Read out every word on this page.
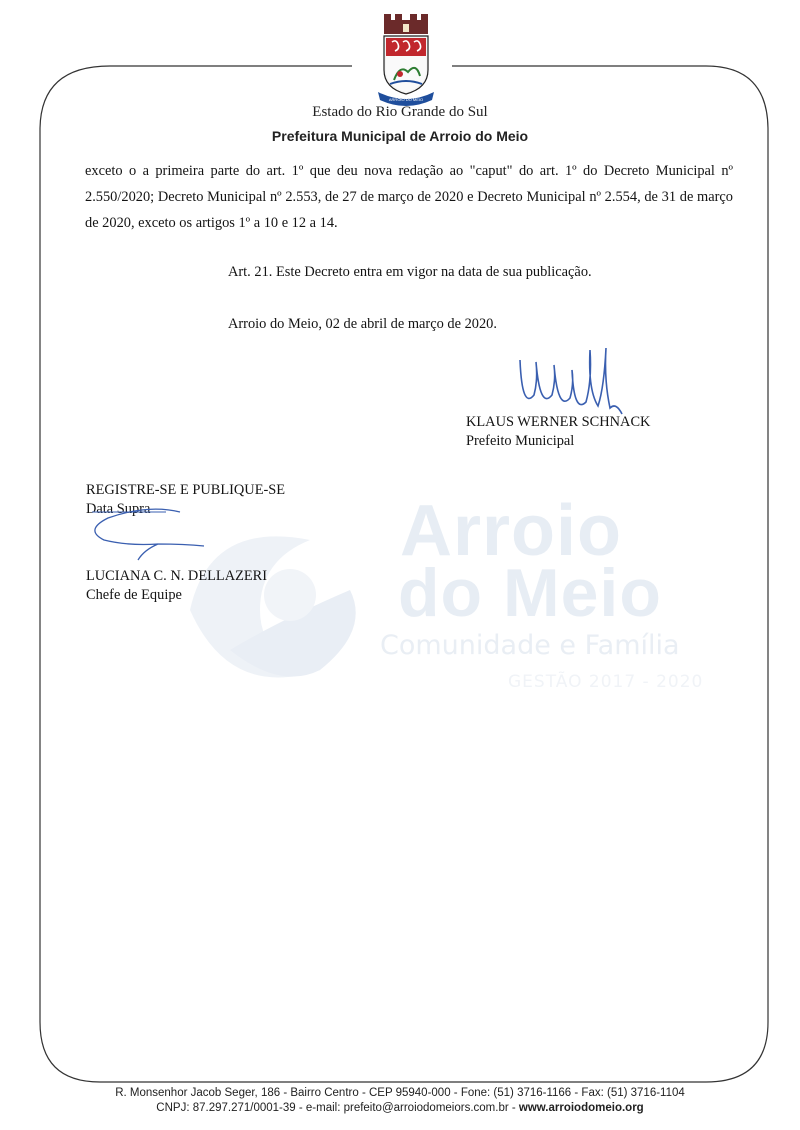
ARROIO DO MEIO
Estado do Rio Grande do Sul
Prefeitura Municipal de Arroio do Meio
Arroio
do Meio
Comunidade e Família
GESTÃO 2017 - 2020
exceto o a primeira parte do art. 1º que deu nova redação ao "caput" do art. 1º do Decreto Municipal nº 2.550/2020; Decreto Municipal nº 2.553, de 27 de março de 2020 e Decreto Municipal nº 2.554, de 31 de março de 2020, exceto os artigos 1º a 10 e 12 a 14.
Art. 21. Este Decreto entra em vigor na data de sua publicação.
Arroio do Meio, 02 de abril de março de 2020.
KLAUS WERNER SCHNACK
Prefeito Municipal
REGISTRE-SE E PUBLIQUE-SE
Data Supra
LUCIANA C. N. DELLAZERI
Chefe de Equipe
R. Monsenhor Jacob Seger, 186 - Bairro Centro - CEP 95940-000 - Fone: (51) 3716-1166 - Fax: (51) 3716-1104
CNPJ: 87.297.271/0001-39 - e-mail: prefeito@arroiodomeiors.com.br - www.arroiodomeio.org
